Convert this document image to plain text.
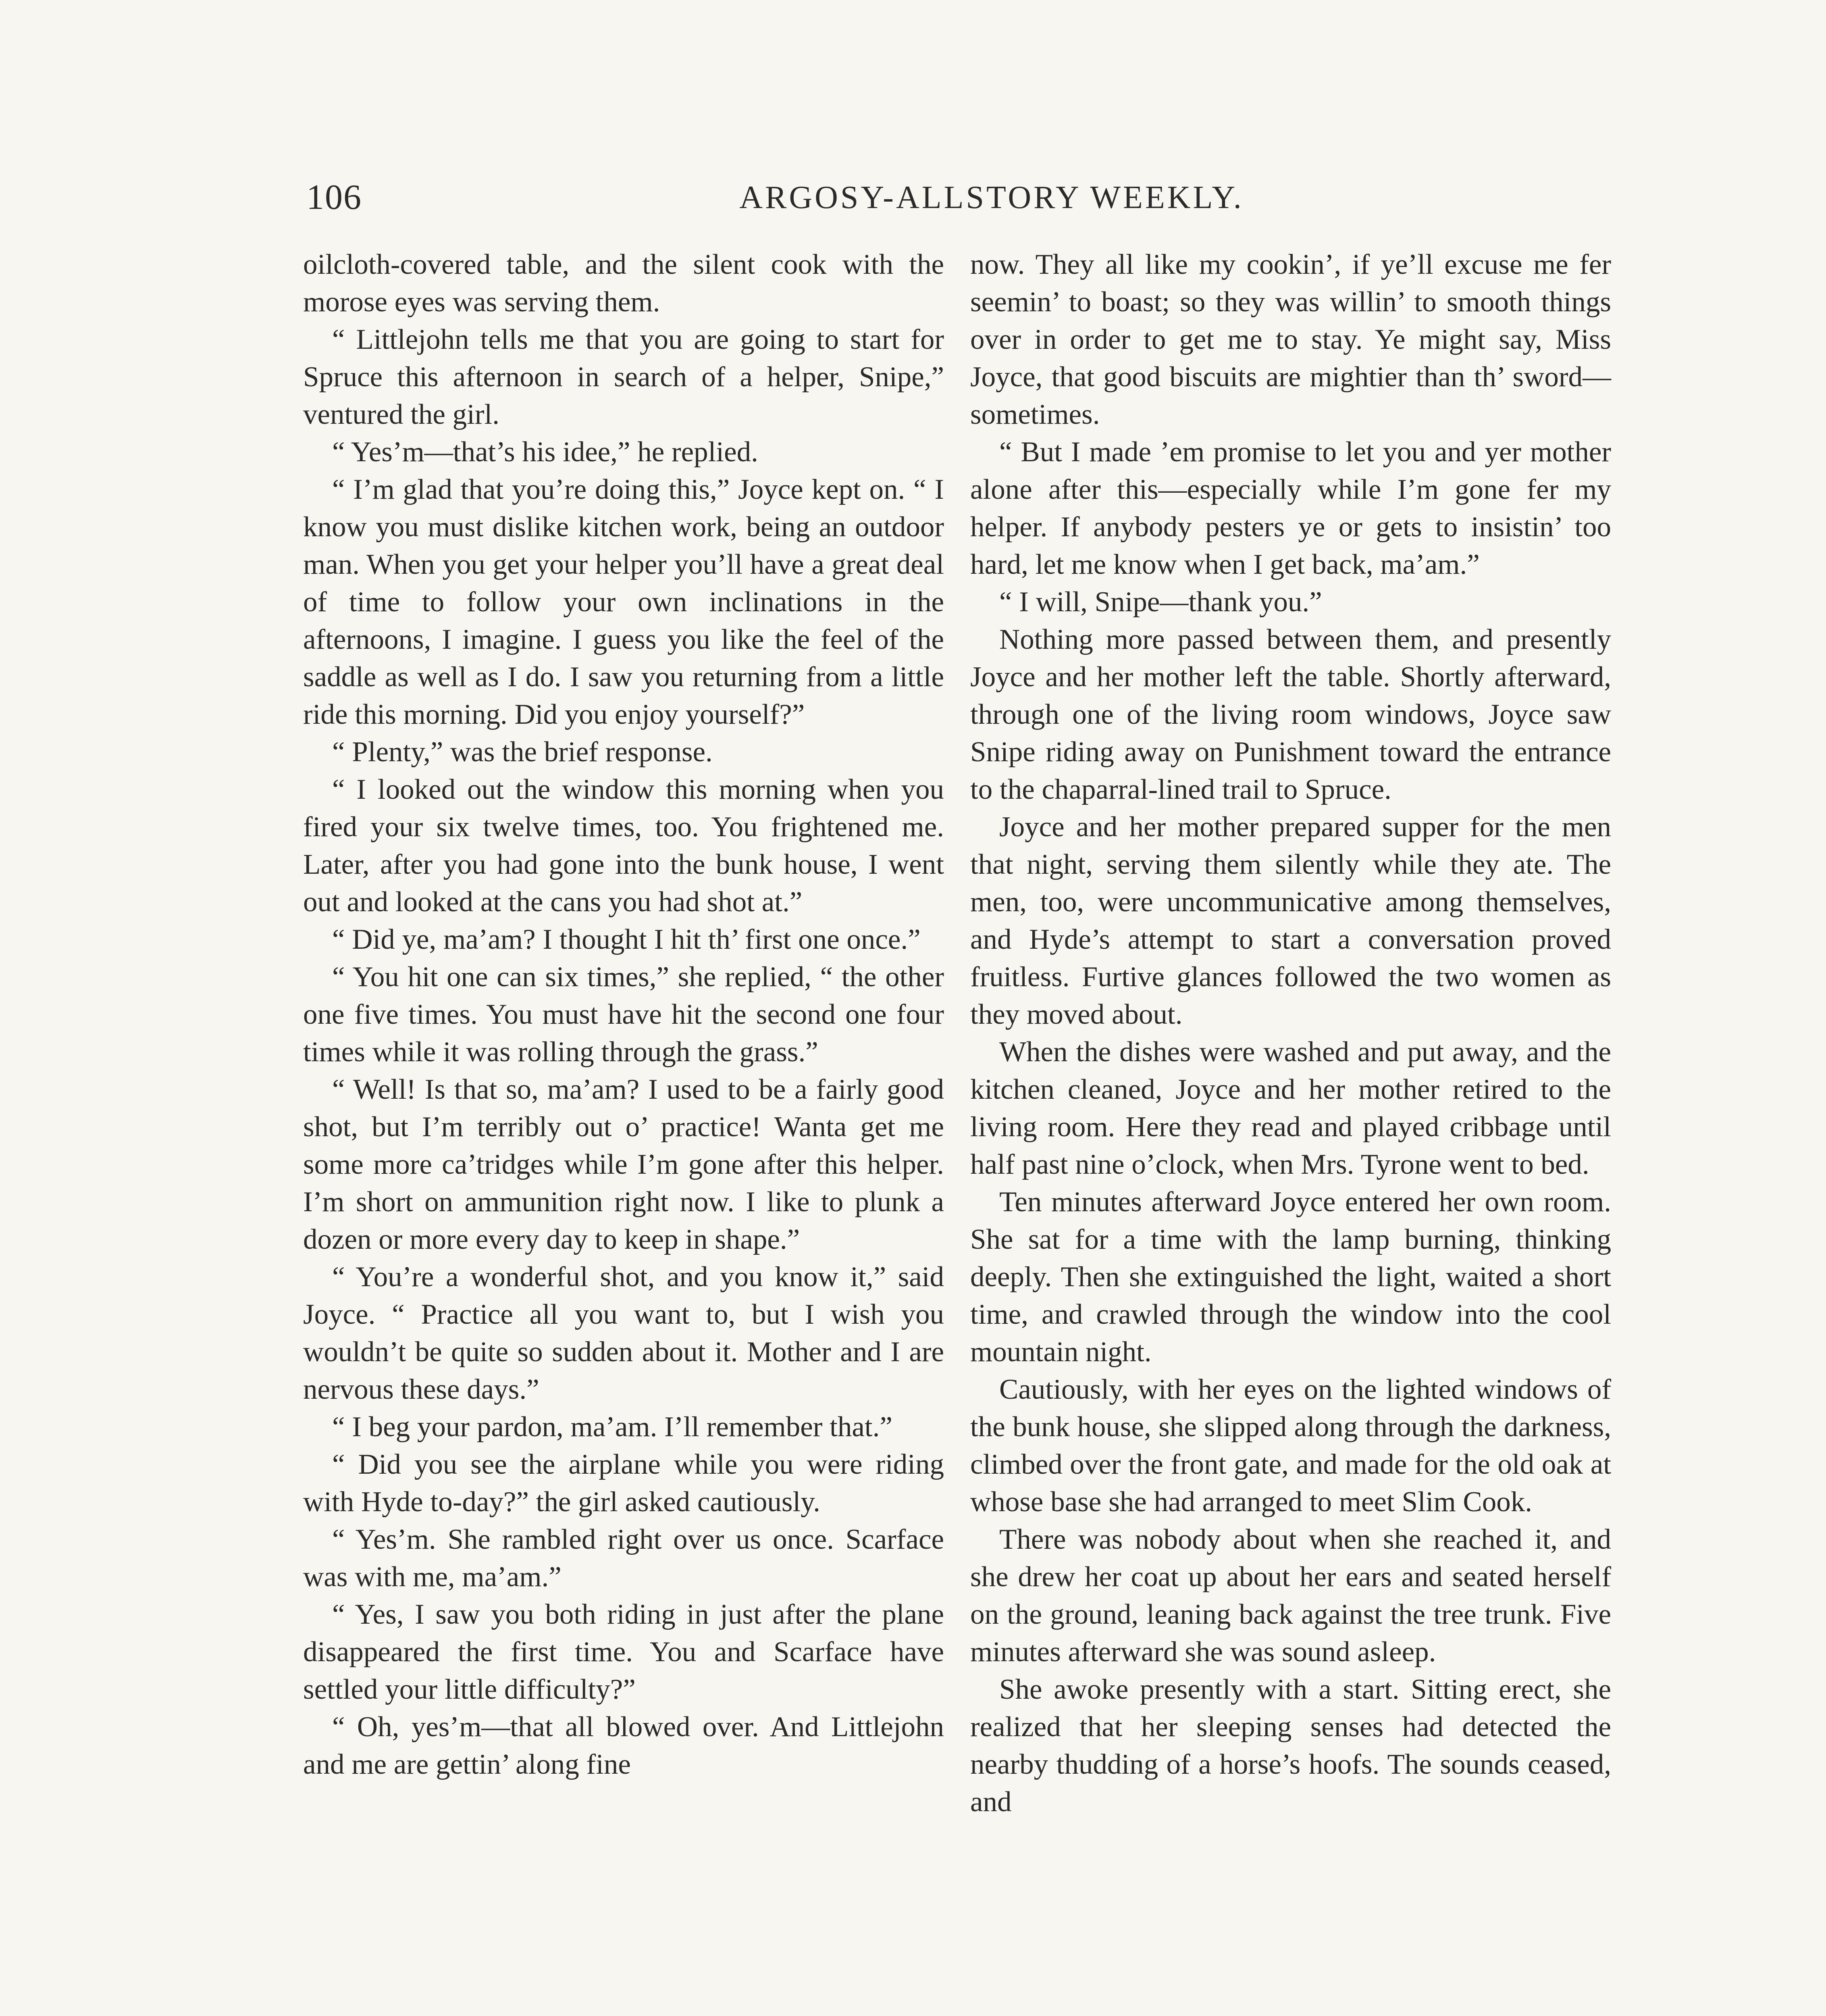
106	ARGOSY-ALLSTORY WEEKLY.

oilcloth-covered table, and the silent cook with the morose eyes was serving them.

“ Littlejohn tells me that you are going to start for Spruce this afternoon in search of a helper, Snipe,” ventured the girl.

“ Yes’m—that’s his idee,” he replied.

“ I’m glad that you’re doing this,” Joyce kept on. “ I know you must dislike kitchen work, being an outdoor man. When you get your helper you’ll have a great deal of time to follow your own inclinations in the afternoons, I imagine. I guess you like the feel of the saddle as well as I do. I saw you returning from a little ride this morning. Did you enjoy yourself?”

“ Plenty,” was the brief response.

“ I looked out the window this morning when you fired your six twelve times, too. You frightened me. Later, after you had gone into the bunk house, I went out and looked at the cans you had shot at.”

“ Did ye, ma’am? I thought I hit th’ first one once.”

“ You hit one can six times,” she replied, “ the other one five times. You must have hit the second one four times while it was rolling through the grass.”

“ Well! Is that so, ma’am? I used to be a fairly good shot, but I’m terribly out o’ practice! Wanta get me some more ca’tridges while I’m gone after this helper. I’m short on ammunition right now. I like to plunk a dozen or more every day to keep in shape.”

“ You’re a wonderful shot, and you know it,” said Joyce. “ Practice all you want to, but I wish you wouldn’t be quite so sudden about it. Mother and I are nervous these days.”

“ I beg your pardon, ma’am. I’ll remember that.”

“ Did you see the airplane while you were riding with Hyde to-day?” the girl asked cautiously.

“ Yes’m. She rambled right over us once. Scarface was with me, ma’am.”

“ Yes, I saw you both riding in just after the plane disappeared the first time. You and Scarface have settled your little difficulty?”

“ Oh, yes’m—that all blowed over. And Littlejohn and me are gettin’ along fine

now. They all like my cookin’, if ye’ll excuse me fer seemin’ to boast; so they was willin’ to smooth things over in order to get me to stay. Ye might say, Miss Joyce, that good biscuits are mightier than th’ sword—sometimes.

“ But I made ’em promise to let you and yer mother alone after this—especially while I’m gone fer my helper. If anybody pesters ye or gets to insistin’ too hard, let me know when I get back, ma’am.”

“ I will, Snipe—thank you.”

Nothing more passed between them, and presently Joyce and her mother left the table. Shortly afterward, through one of the living room windows, Joyce saw Snipe riding away on Punishment toward the entrance to the chaparral-lined trail to Spruce.

Joyce and her mother prepared supper for the men that night, serving them silently while they ate. The men, too, were uncommunicative among themselves, and Hyde’s attempt to start a conversation proved fruitless. Furtive glances followed the two women as they moved about.

When the dishes were washed and put away, and the kitchen cleaned, Joyce and her mother retired to the living room. Here they read and played cribbage until half past nine o’clock, when Mrs. Tyrone went to bed.

Ten minutes afterward Joyce entered her own room. She sat for a time with the lamp burning, thinking deeply. Then she extinguished the light, waited a short time, and crawled through the window into the cool mountain night.

Cautiously, with her eyes on the lighted windows of the bunk house, she slipped along through the darkness, climbed over the front gate, and made for the old oak at whose base she had arranged to meet Slim Cook.

There was nobody about when she reached it, and she drew her coat up about her ears and seated herself on the ground, leaning back against the tree trunk. Five minutes afterward she was sound asleep.

She awoke presently with a start. Sitting erect, she realized that her sleeping senses had detected the nearby thudding of a horse’s hoofs. The sounds ceased, and
